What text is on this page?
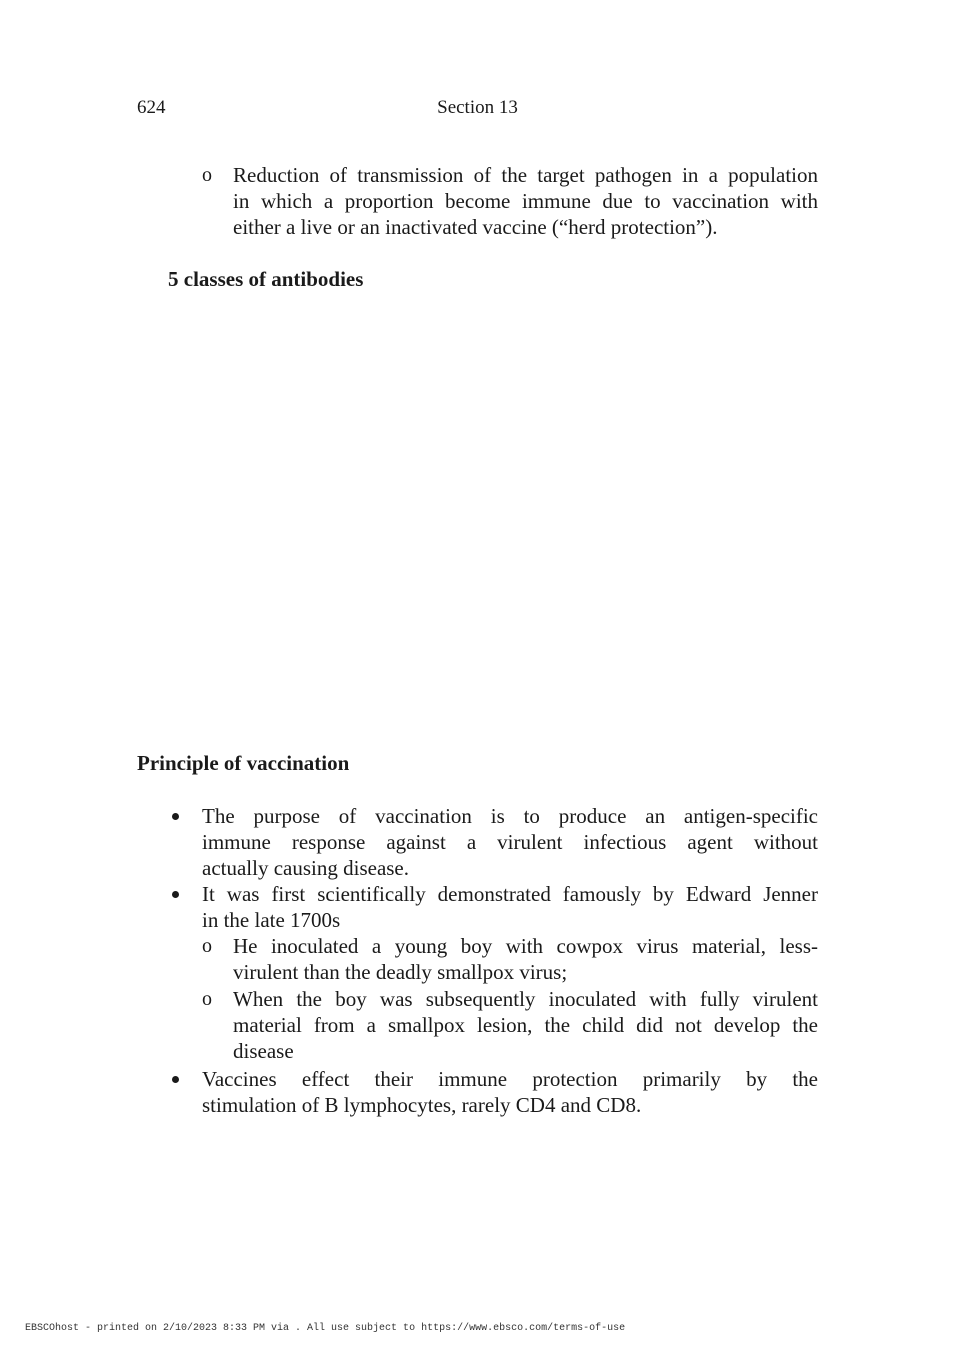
624	Section 13
o Reduction of transmission of the target pathogen in a population
in which a proportion become immune due to vaccination with
either a live or an inactivated vaccine (“herd protection”).
5 classes of antibodies
Principle of vaccination
The purpose of vaccination is to produce an antigen-specific
immune response against a virulent infectious agent without
actually causing disease.
It was first scientifically demonstrated famously by Edward Jenner
in the late 1700s
o He inoculated a young boy with cowpox virus material, less-
virulent than the deadly smallpox virus;
o When the boy was subsequently inoculated with fully virulent
material from a smallpox lesion, the child did not develop the
disease
Vaccines effect their immune protection primarily by the
stimulation of B lymphocytes, rarely CD4 and CD8.
EBSCOhost - printed on 2/10/2023 8:33 PM via . All use subject to https://www.ebsco.com/terms-of-use
